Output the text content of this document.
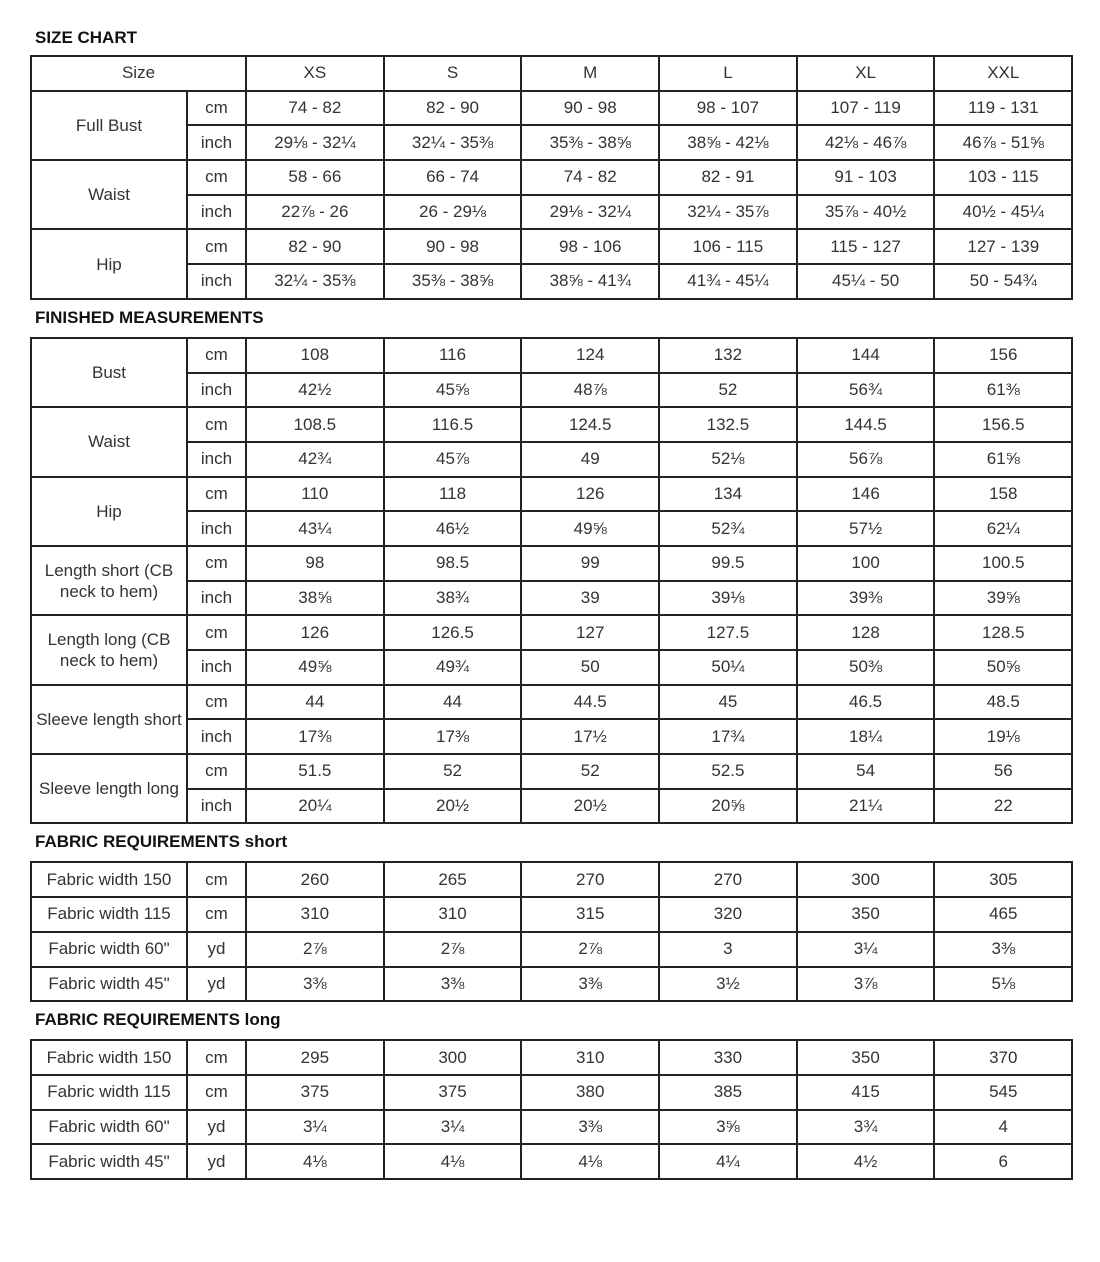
SIZE CHART
Size		XS	S	M	L	XL	XXL
Full Bust	cm	74 - 82	82 - 90	90 - 98	98 - 107	107 - 119	119 - 131
	inch	29⅛ - 32¼	32¼ - 35⅜	35⅜ - 38⅝	38⅝ - 42⅛	42⅛ - 46⅞	46⅞ - 51⅝
Waist	cm	58 - 66	66 - 74	74 - 82	82 - 91	91 - 103	103 - 115
	inch	22⅞ - 26	26 - 29⅛	29⅛ - 32¼	32¼ - 35⅞	35⅞ - 40½	40½ - 45¼
Hip	cm	82 - 90	90 - 98	98 - 106	106 - 115	115 - 127	127 - 139
	inch	32¼ - 35⅜	35⅜ - 38⅝	38⅝ - 41¾	41¾ - 45¼	45¼ - 50	50 - 54¾
FINISHED MEASUREMENTS
Bust	cm	108	116	124	132	144	156
	inch	42½	45⅝	48⅞	52	56¾	61⅜
Waist	cm	108.5	116.5	124.5	132.5	144.5	156.5
	inch	42¾	45⅞	49	52⅛	56⅞	61⅝
Hip	cm	110	118	126	134	146	158
	inch	43¼	46½	49⅝	52¾	57½	62¼
Length short (CB neck to hem)	cm	98	98.5	99	99.5	100	100.5
	inch	38⅝	38¾	39	39⅛	39⅜	39⅝
Length long (CB neck to hem)	cm	126	126.5	127	127.5	128	128.5
	inch	49⅝	49¾	50	50¼	50⅜	50⅝
Sleeve length short	cm	44	44	44.5	45	46.5	48.5
	inch	17⅜	17⅜	17½	17¾	18¼	19⅛
Sleeve length long	cm	51.5	52	52	52.5	54	56
	inch	20¼	20½	20½	20⅝	21¼	22
FABRIC REQUIREMENTS short
Fabric width 150	cm	260	265	270	270	300	305
Fabric width 115	cm	310	310	315	320	350	465
Fabric width 60"	yd	2⅞	2⅞	2⅞	3	3¼	3⅜
Fabric width 45"	yd	3⅜	3⅜	3⅜	3½	3⅞	5⅛
FABRIC REQUIREMENTS long
Fabric width 150	cm	295	300	310	330	350	370
Fabric width 115	cm	375	375	380	385	415	545
Fabric width 60"	yd	3¼	3¼	3⅜	3⅝	3¾	4
Fabric width 45"	yd	4⅛	4⅛	4⅛	4¼	4½	6
